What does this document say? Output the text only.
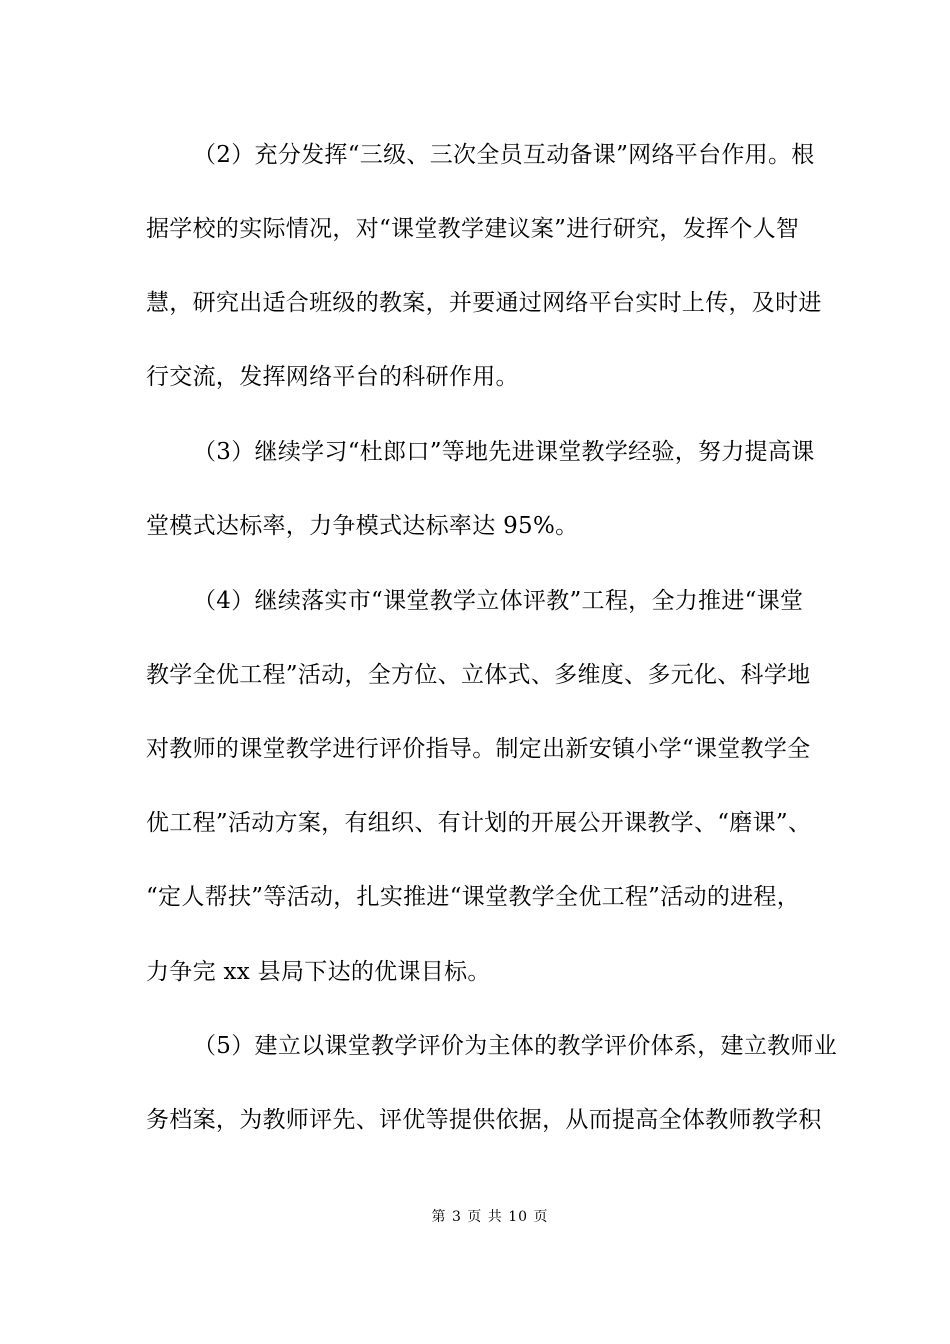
（2）充分发挥“三级、三次全员互动备课”网络平台作用。根
据学校的实际情况，对“课堂教学建议案”进行研究，发挥个人智
慧，研究出适合班级的教案，并要通过网络平台实时上传，及时进
行交流，发挥网络平台的科研作用。
（3）继续学习“杜郎口”等地先进课堂教学经验，努力提高课
堂模式达标率，力争模式达标率达 95%。
（4）继续落实市“课堂教学立体评教”工程，全力推进“课堂
教学全优工程”活动，全方位、立体式、多维度、多元化、科学地
对教师的课堂教学进行评价指导。制定出新安镇小学“课堂教学全
优工程”活动方案，有组织、有计划的开展公开课教学、“磨课”、
“定人帮扶”等活动，扎实推进“课堂教学全优工程”活动的进程，
力争完 xx 县局下达的优课目标。
（5）建立以课堂教学评价为主体的教学评价体系，建立教师业
务档案，为教师评先、评优等提供依据，从而提高全体教师教学积
第 3 页 共 10 页
